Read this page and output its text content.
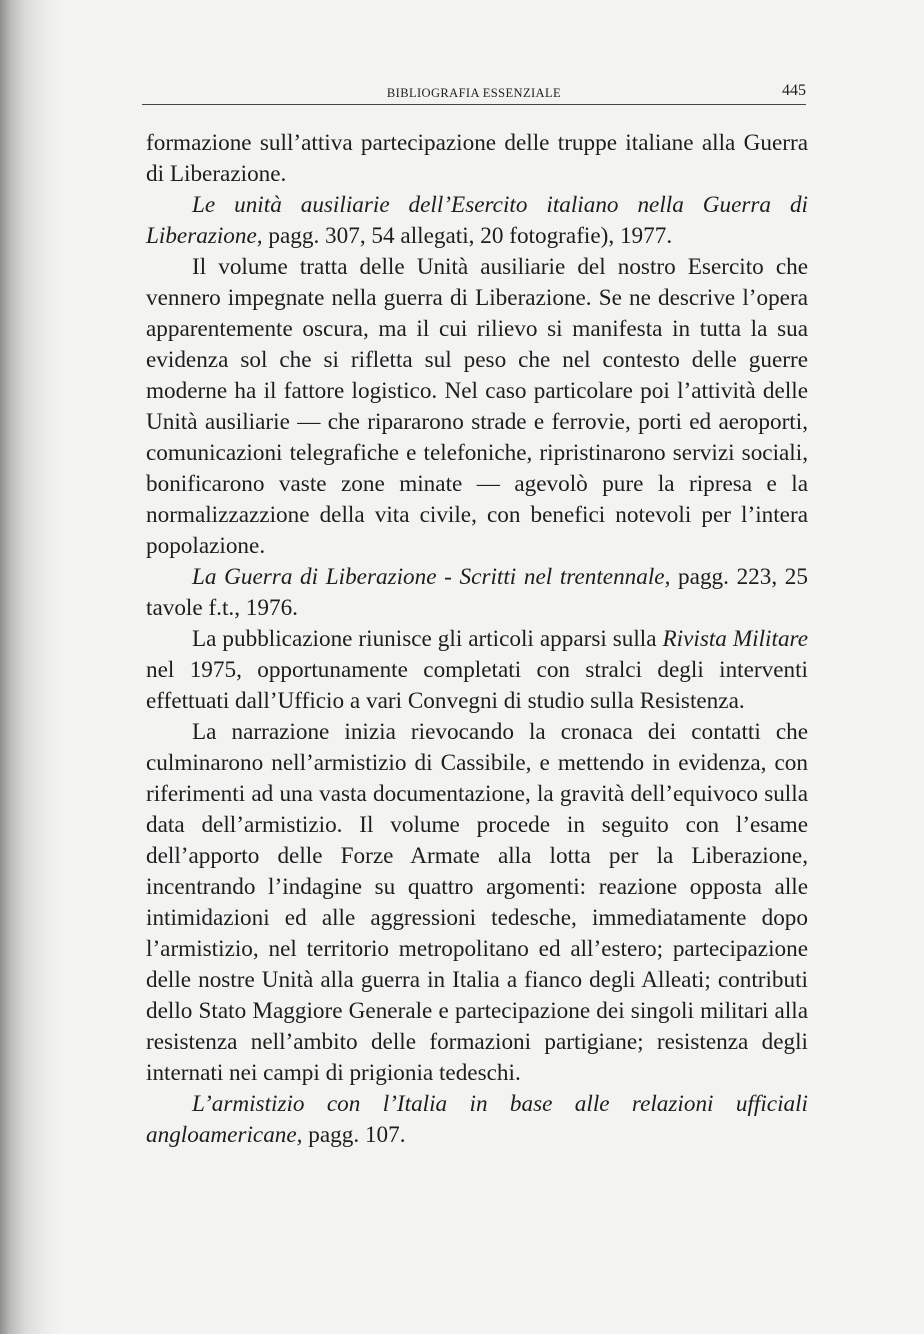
BIBLIOGRAFIA ESSENZIALE	445

formazione sull’attiva partecipazione delle truppe italiane alla Guerra di Liberazione.

Le unità ausiliarie dell’Esercito italiano nella Guerra di Liberazione, pagg. 307, 54 allegati, 20 fotografie), 1977.

Il volume tratta delle Unità ausiliarie del nostro Esercito che vennero impegnate nella guerra di Liberazione. Se ne descrive l’opera apparentemente oscura, ma il cui rilievo si manifesta in tutta la sua evidenza sol che si rifletta sul peso che nel contesto delle guerre moderne ha il fattore logistico. Nel caso particolare poi l’attività delle Unità ausiliarie — che ripararono strade e ferrovie, porti ed aeroporti, comunicazioni telegrafiche e telefoniche, ripristinarono servizi sociali, bonificarono vaste zone minate — agevolò pure la ripresa e la normalizzazzione della vita civile, con benefici notevoli per l’intera popolazione.

La Guerra di Liberazione - Scritti nel trentennale, pagg. 223, 25 tavole f.t., 1976.

La pubblicazione riunisce gli articoli apparsi sulla Rivista Militare nel 1975, opportunamente completati con stralci degli interventi effettuati dall’Ufficio a vari Convegni di studio sulla Resistenza.

La narrazione inizia rievocando la cronaca dei contatti che culminarono nell’armistizio di Cassibile, e mettendo in evidenza, con riferimenti ad una vasta documentazione, la gravità dell’equivoco sulla data dell’armistizio. Il volume procede in seguito con l’esame dell’apporto delle Forze Armate alla lotta per la Liberazione, incentrando l’indagine su quattro argomenti: reazione opposta alle intimidazioni ed alle aggressioni tedesche, immediatamente dopo l’armistizio, nel territorio metropolitano ed all’estero; partecipazione delle nostre Unità alla guerra in Italia a fianco degli Alleati; contributi dello Stato Maggiore Generale e partecipazione dei singoli militari alla resistenza nell’ambito delle formazioni partigiane; resistenza degli internati nei campi di prigionia tedeschi.

L’armistizio con l’Italia in base alle relazioni ufficiali angloamericane, pagg. 107.
